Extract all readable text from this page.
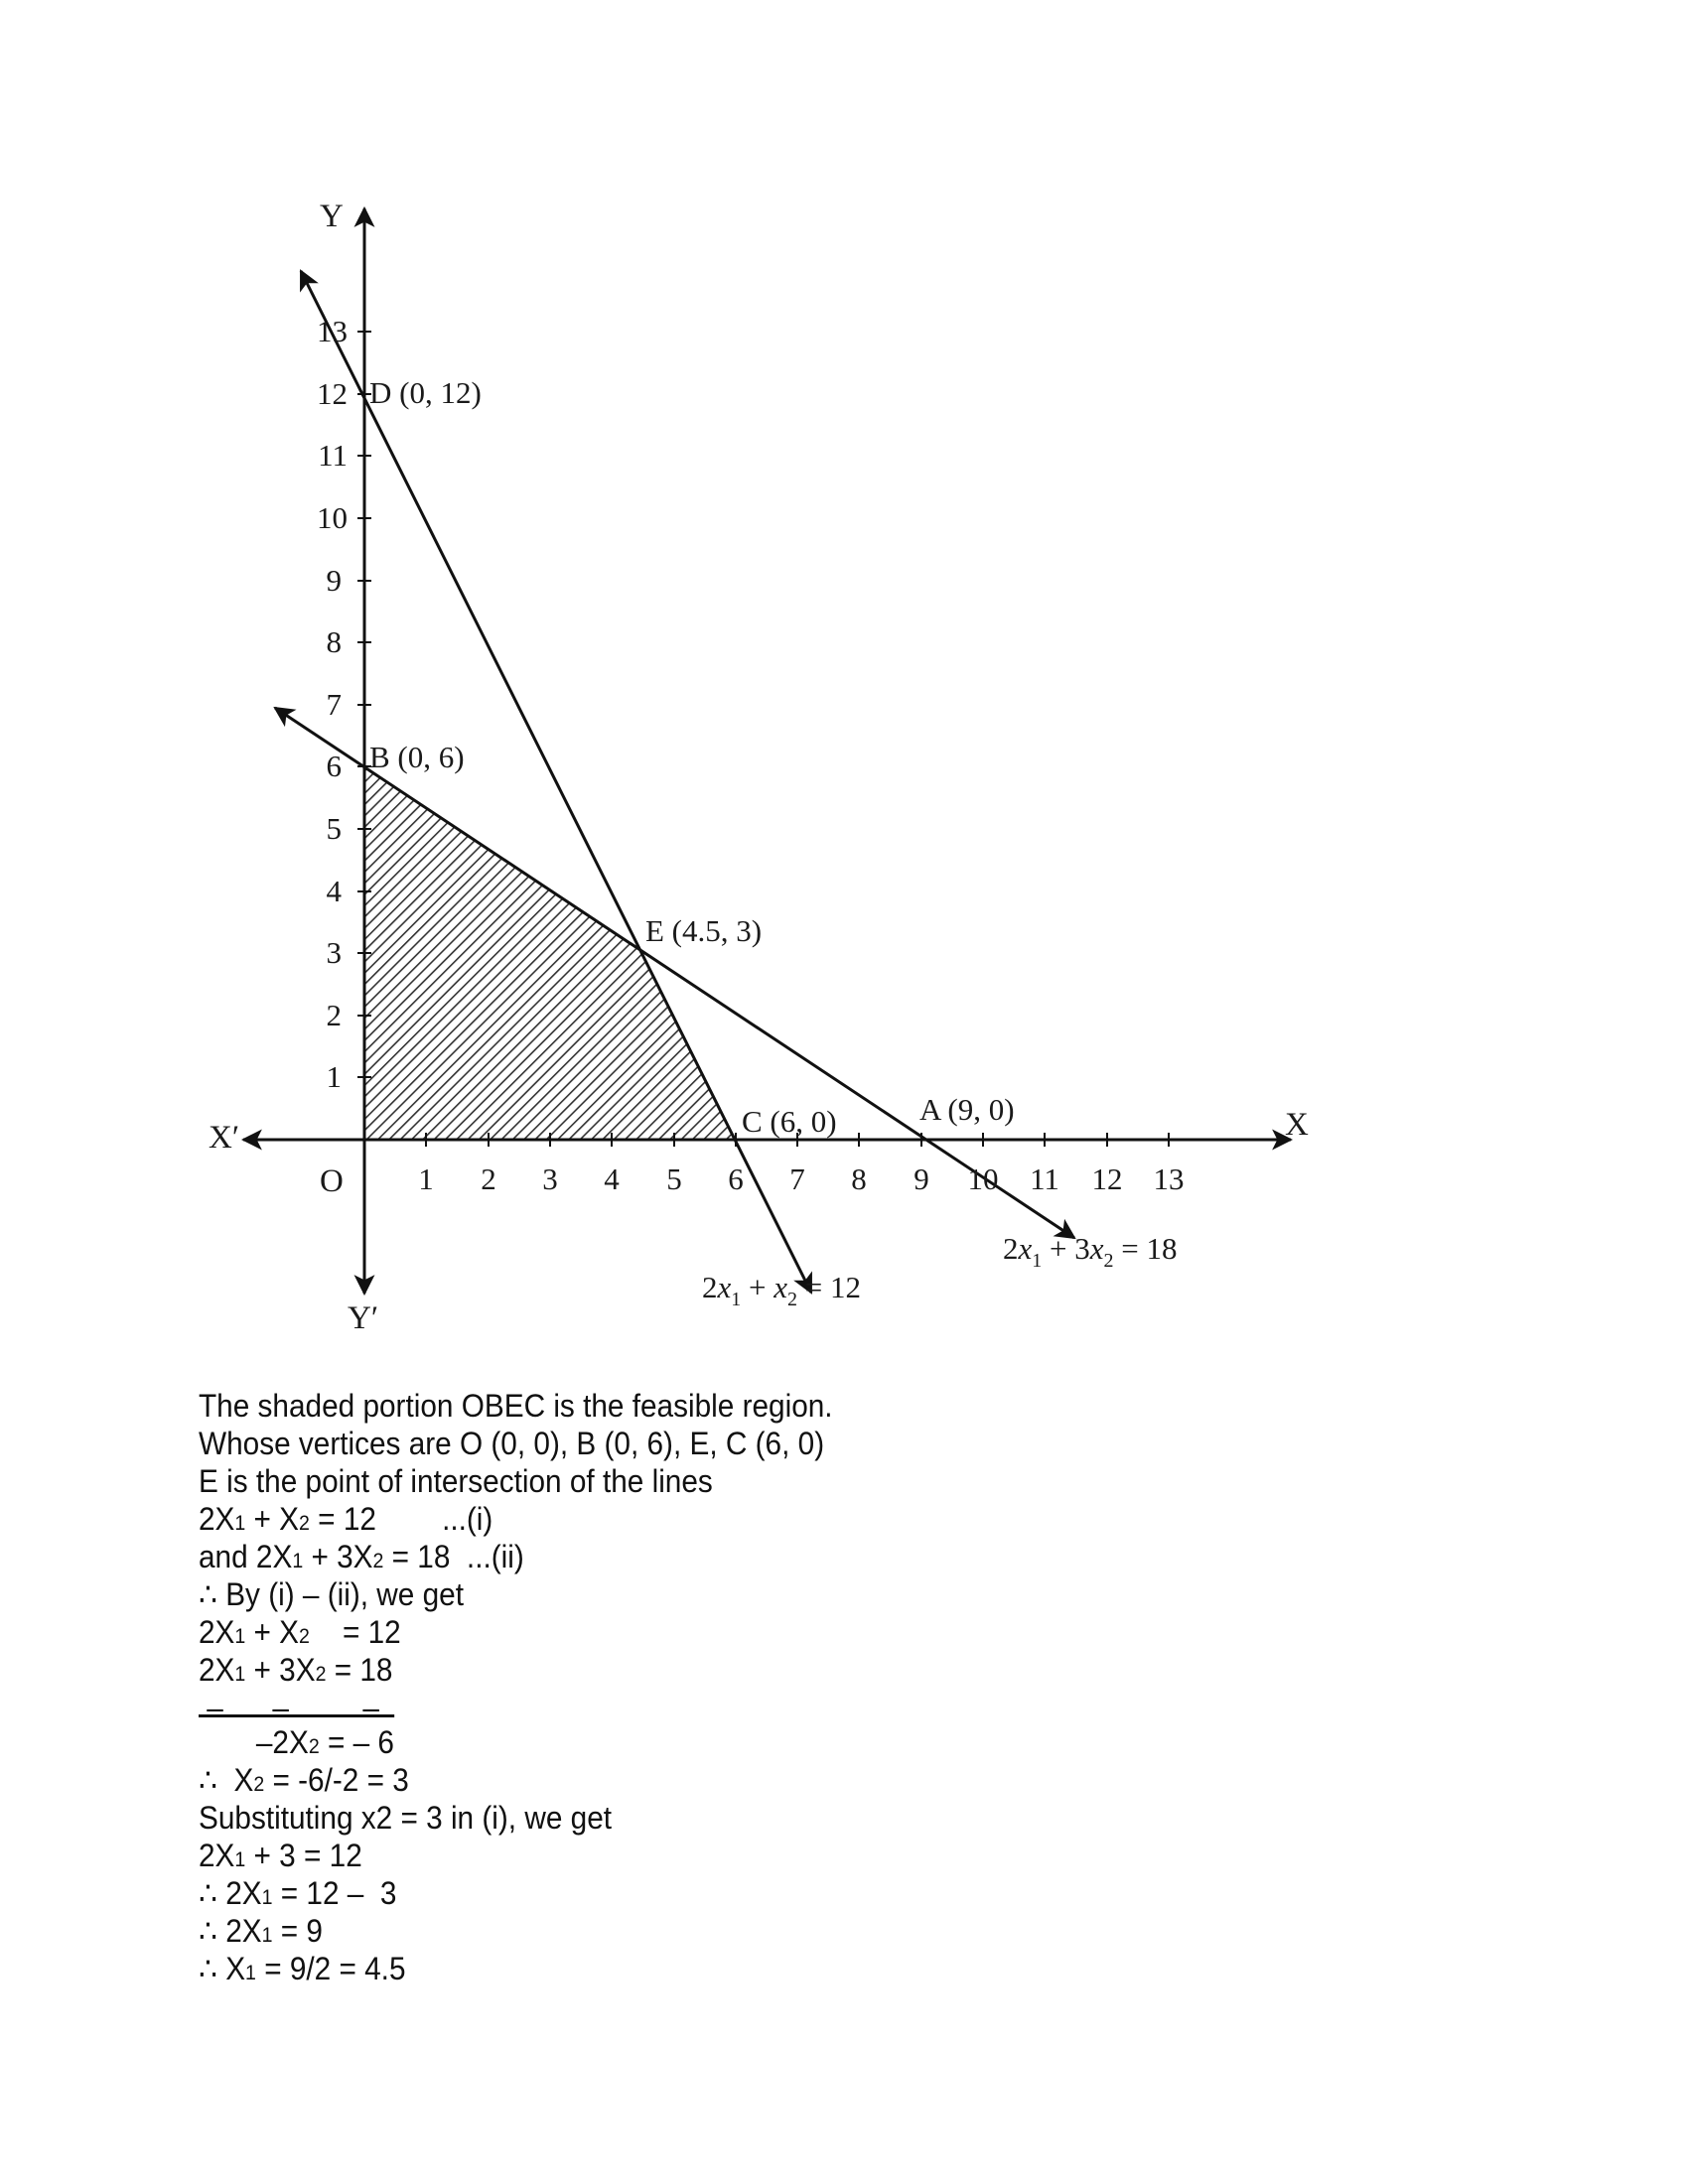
Y
Y′
X
X′
O 1 2 3 4 5 6 7 8 9 10 11 12 13
1
2
3
4
5
6
7
8
9
10
11
12
13
D (0, 12)
B (0, 6)
E (4.5, 3)
C (6, 0)	A (9, 0)
$2x_1 + x_2 = 12$
$2x_1 + 3x_2 = 18$
The shaded portion OBEC is the feasible region.
Whose vertices are O (0, 0), B (0, 6), E, C (6, 0)
E is the point of intersection of the lines
2X1 + X2 = 12        ...(i)
and 2X1 + 3X2 = 18  ...(ii)
∴ By (i) – (ii), we get
2X1 + X2    = 12
2X1 + 3X2 = 18
–      –         –
–2X2 = – 6
∴  X2 = -6/-2 = 3
Substituting x2 = 3 in (i), we get
2X1 + 3 = 12
∴ 2X1 = 12 –  3
∴ 2X1 = 9
∴ X1 = 9/2 = 4.5
